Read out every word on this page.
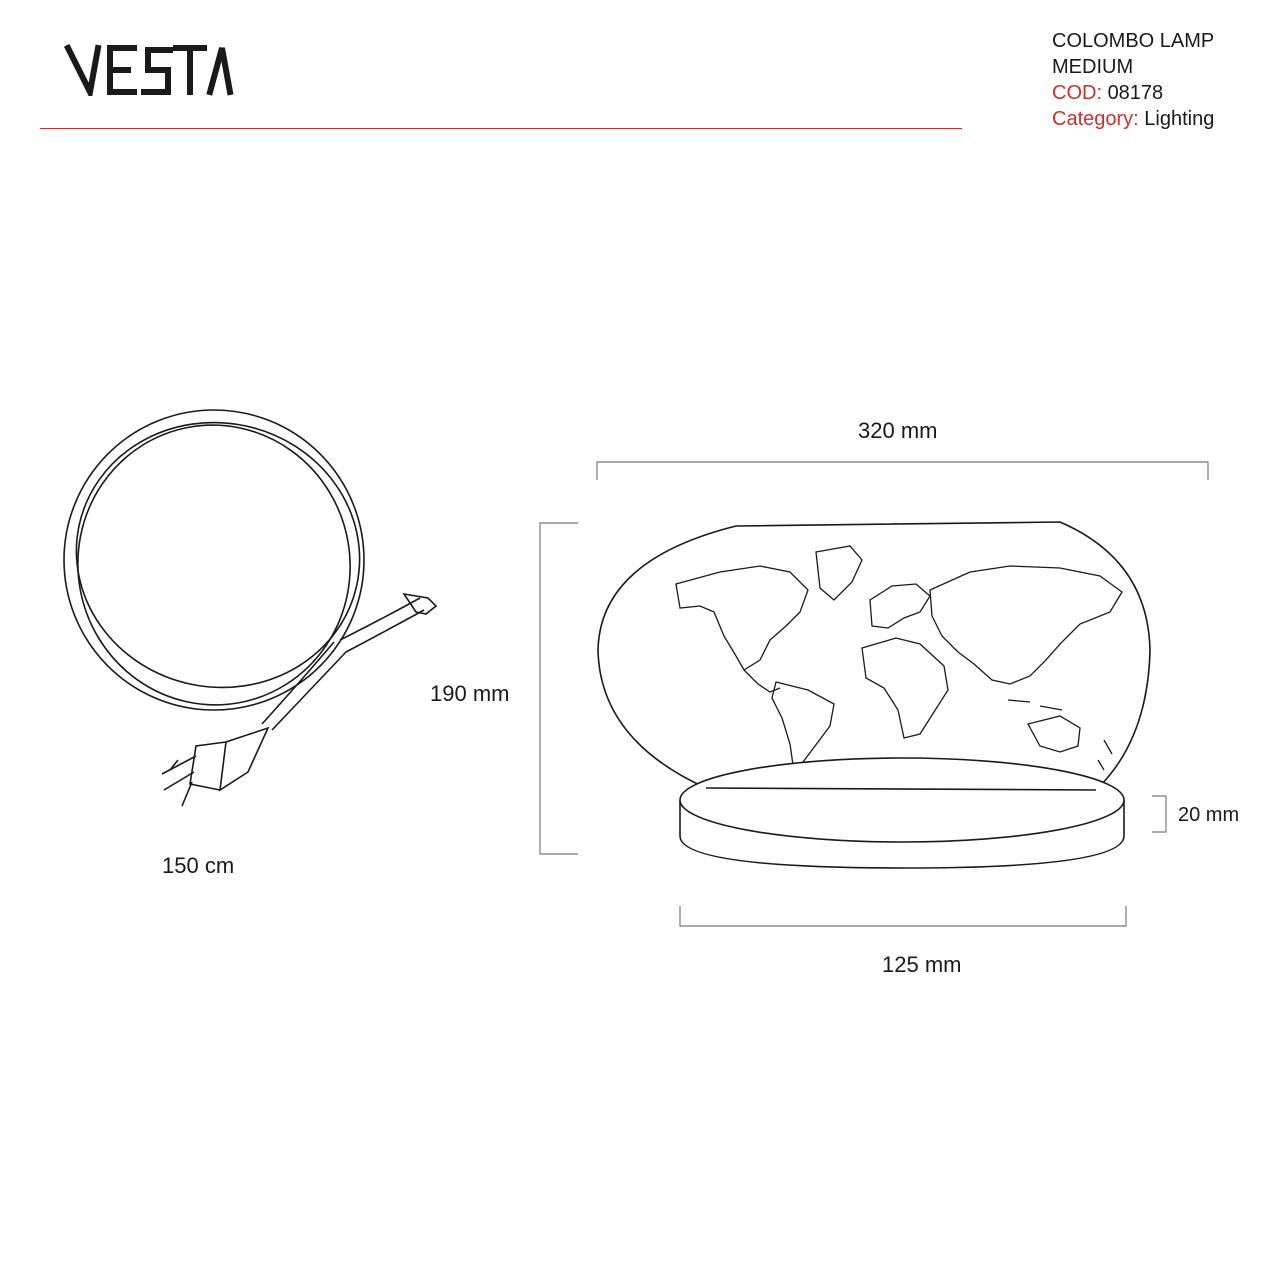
COLOMBO LAMP
MEDIUM
COD: 08178
Category: Lighting
320 mm
190 mm
20 mm
125 mm
150 cm
